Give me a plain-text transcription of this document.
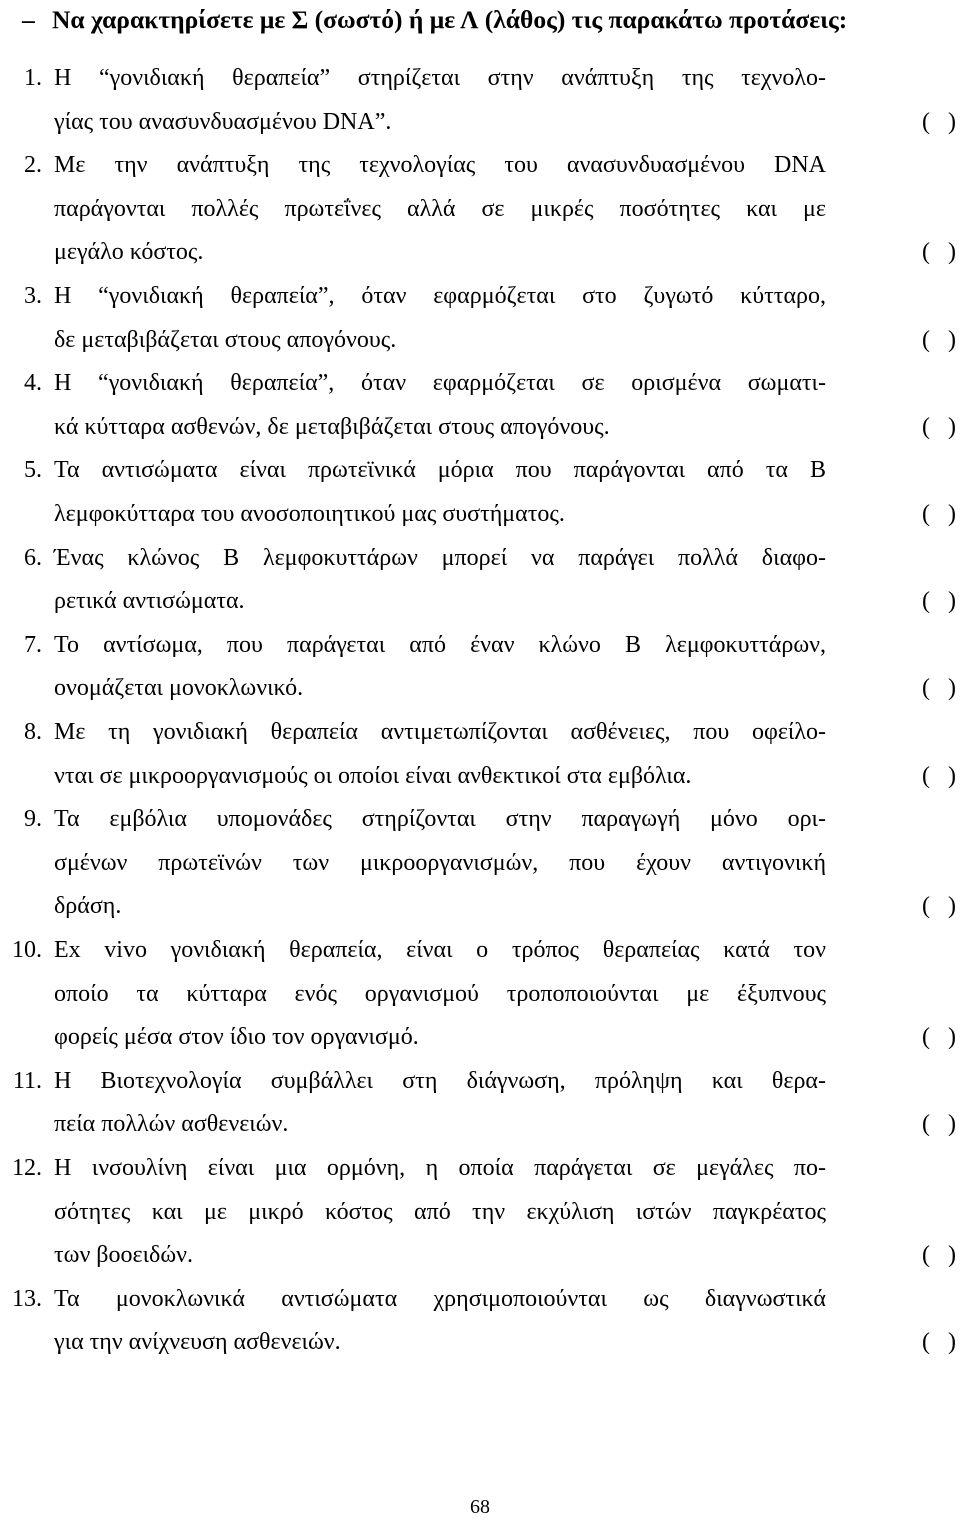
– Να χαρακτηρίσετε με Σ (σωστό) ή με Λ (λάθος) τις παρακάτω προτάσεις:
1. Η “γονιδιακή θεραπεία” στηρίζεται στην ανάπτυξη της τεχνολο-
γίας του ανασυνδυασμένου DNA”.	(   )
2. Με την ανάπτυξη της τεχνολογίας του ανασυνδυασμένου DNA
παράγονται πολλές πρωτεΐνες αλλά σε μικρές ποσότητες και με
μεγάλο κόστος.	(   )
3. Η “γονιδιακή θεραπεία”, όταν εφαρμόζεται στο ζυγωτό κύτταρο,
δε μεταβιβάζεται στους απογόνους.	(   )
4. Η “γονιδιακή θεραπεία”, όταν εφαρμόζεται σε ορισμένα σωματι-
κά κύτταρα ασθενών, δε μεταβιβάζεται στους απογόνους.	(   )
5. Τα αντισώματα είναι πρωτεϊνικά μόρια που παράγονται από τα Β
λεμφοκύτταρα του ανοσοποιητικού μας συστήματος.	(   )
6. Ένας κλώνος Β λεμφοκυττάρων μπορεί να παράγει πολλά διαφο-
ρετικά αντισώματα.	(   )
7. Το αντίσωμα, που παράγεται από έναν κλώνο Β λεμφοκυττάρων,
ονομάζεται μονοκλωνικό.	(   )
8. Με τη γονιδιακή θεραπεία αντιμετωπίζονται ασθένειες, που οφείλο-
νται σε μικροοργανισμούς οι οποίοι είναι ανθεκτικοί στα εμβόλια.	(   )
9. Τα εμβόλια υπομονάδες στηρίζονται στην παραγωγή μόνο ορι-
σμένων πρωτεϊνών των μικροοργανισμών, που έχουν αντιγονική
δράση.	(   )
10. Ex vivo γονιδιακή θεραπεία, είναι ο τρόπος θεραπείας κατά τον
οποίο τα κύτταρα ενός οργανισμού τροποποιούνται με έξυπνους
φορείς μέσα στον ίδιο τον οργανισμό.	(   )
11. Η Βιοτεχνολογία συμβάλλει στη διάγνωση, πρόληψη και θερα-
πεία πολλών ασθενειών.	(   )
12. Η ινσουλίνη είναι μια ορμόνη, η οποία παράγεται σε μεγάλες πο-
σότητες και με μικρό κόστος από την εκχύλιση ιστών παγκρέατος
των βοοειδών.	(   )
13. Τα μονοκλωνικά αντισώματα χρησιμοποιούνται ως διαγνωστικά
για την ανίχνευση ασθενειών.	(   )
68
